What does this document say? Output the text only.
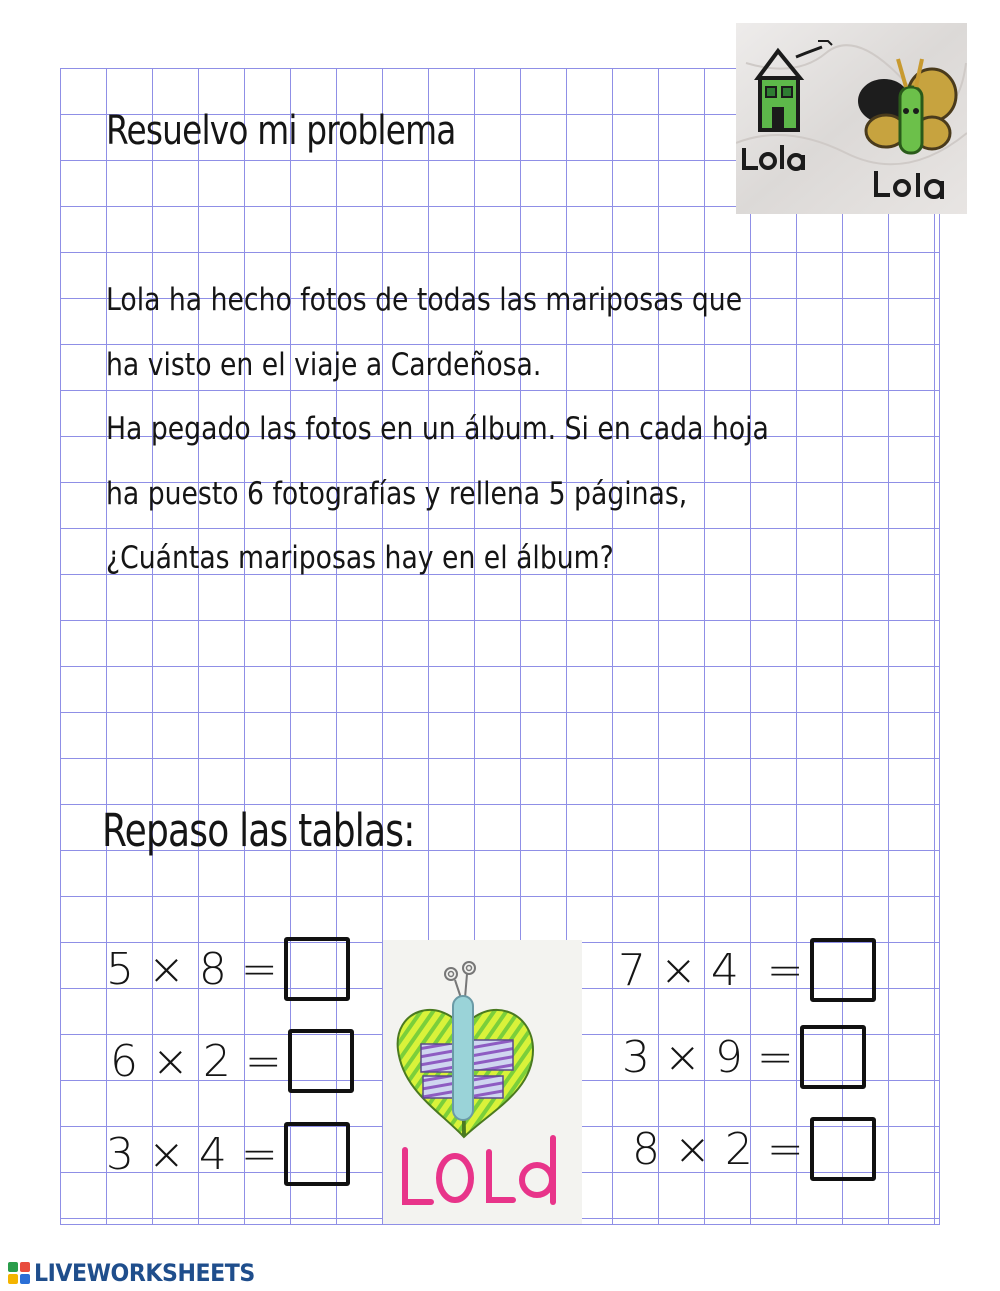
Resuelvo mi problema
Lola ha hecho fotos de todas las mariposas que
ha visto en el viaje a Cardeñosa.
Ha pegado las fotos en un álbum. Si en cada hoja
ha puesto 6 fotografías y rellena 5 páginas,
¿Cuántas mariposas hay en el álbum?
Repaso las tablas:
5 × 8 =
6 × 2 =
3 × 4 =
7 × 4  =
3 × 9 =
8 × 2 =
LIVEWORKSHEETS
